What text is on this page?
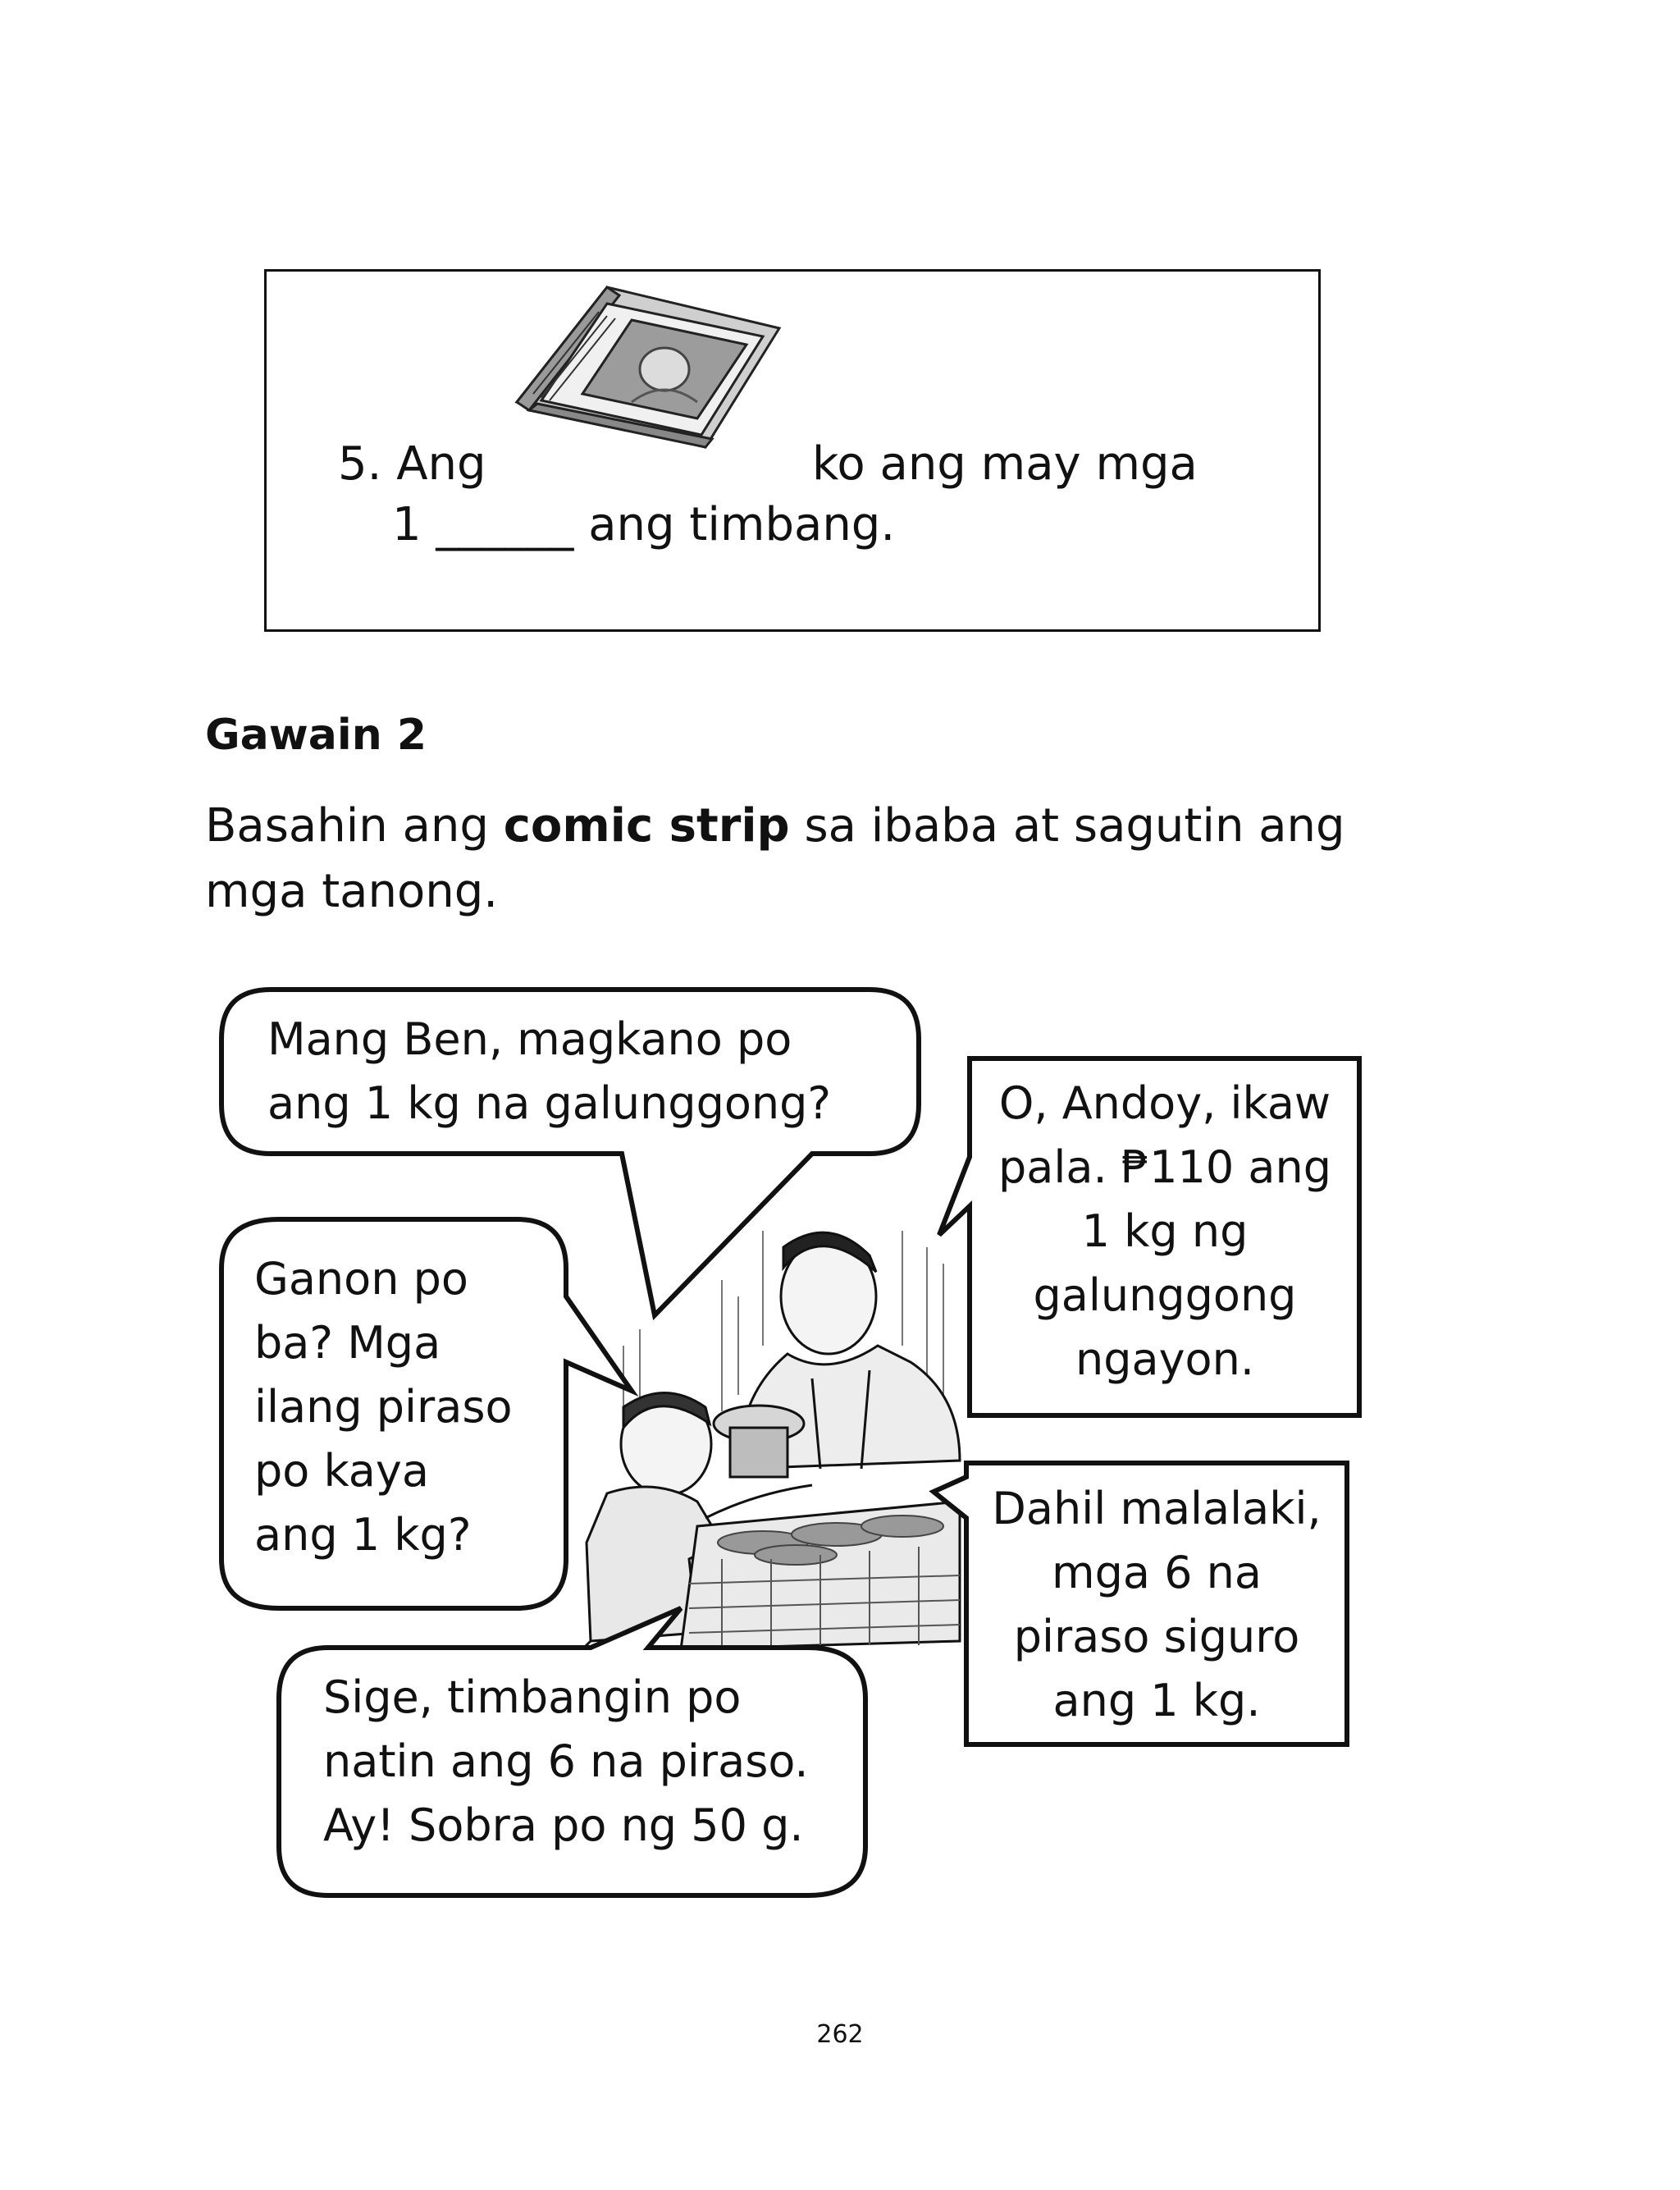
5. Ang	ko ang may mga
1 ______ ang timbang.
Gawain 2
Basahin ang comic strip sa ibaba at sagutin ang
mga tanong.
Mang Ben, magkano po
ang 1 kg na galunggong?	O, Andoy, ikaw
pala. ₱110 ang
1 kg ng
galunggong
ngayon.
Ganon po
ba? Mga
ilang piraso
po kaya
ang 1 kg?
Dahil malalaki,
mga 6 na
piraso siguro
ang 1 kg.
Sige, timbangin po
natin ang 6 na piraso.
Ay! Sobra po ng 50 g.
262
